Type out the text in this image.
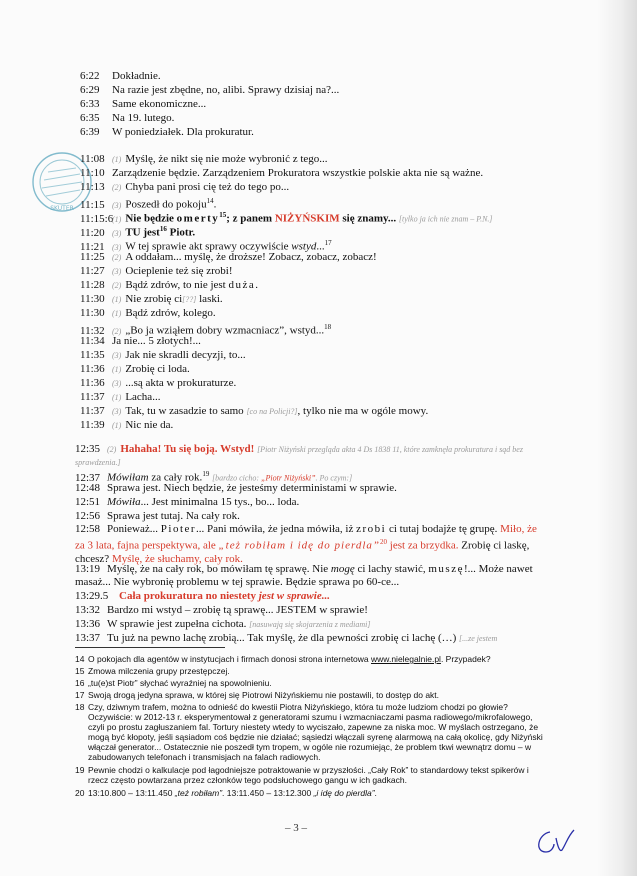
SKUTER
6:22 Dokładnie.
6:29 Na razie jest zbędne, no, alibi. Sprawy dzisiaj na?...
6:33 Same ekonomiczne...
6:35 Na 19. lutego.
6:39 W poniedziałek. Dla prokuratur.
11:08 (1) Myślę, że nikt się nie może wybronić z tego...
11:10 Zarządzenie będzie. Zarządzeniem Prokuratora wszystkie polskie akta nie są ważne.
11:13 (2) Chyba pani prosi cię też do tego po...
11:15 (3) Poszedł do pokoju$^{14}$.
11:15:6(1) Nie będzie omerty$^{15}$; z panem NIŻYŃSKIM się znamy... [tylko ja ich nie znam – P.N.]
11:20 (3) TU jest$^{16}$ Piotr.
11:21 (3) W tej sprawie akt sprawy oczywiście wstyd...$^{17}$
11:25 (2) A oddałam... myślę, że droższe! Zobacz, zobacz, zobacz!
11:27 (3) Ocieplenie też się zrobi!
11:28 (2) Bądź zdrów, to nie jest duża.
11:30 (1) Nie zrobię ci[??] laski.
11:30 (1) Bądź zdrów, kolego.
11:32 (2) „Bo ja wziąłem dobry wzmacniacz”, wstyd...$^{18}$
11:34 Ja nie... 5 złotych!...
11:35 (3) Jak nie skradli decyzji, to...
11:36 (1) Zrobię ci loda.
11:36 (3) ...są akta w prokuraturze.
11:37 (1) Lacha...
11:37 (3) Tak, tu w zasadzie to samo [co na Policji?], tylko nie ma w ogóle mowy.
11:39 (1) Nic nie da.
12:35 (2) Hahaha! Tu się boją. Wstyd! [Piotr Niżyński przegląda akta 4 Ds 1838 11, które zamknęła prokuratura i sąd bez sprawdzenia.]
12:37 Mówiłam za cały rok.$^{19}$ [bardzo cicho: „Piotr Niżyński”. Po czym:]
12:48 Sprawa jest. Niech będzie, że jesteśmy deterministami w sprawie.
12:51 Mówiła... Jest minimalna 15 tys., bo... loda.
12:56 Sprawa jest tutaj. Na cały rok.
12:58 Ponieważ... Pioter... Pani mówiła, że jedna mówiła, iż zrobi ci tutaj bodajże tę grupę. Miło, że za 3 lata, fajna perspektywa, ale „też robiłam i idę do pierdla”$^{20}$ jest za brzydka. Zrobię ci laskę, chcesz? Myślę, że słuchamy, cały rok.
13:19 Myślę, że na cały rok, bo mówiłam tę sprawę. Nie mogę ci lachy stawić, muszę!... Może nawet masaż... Nie wybronię problemu w tej sprawie. Będzie sprawa po 60-ce...
13:29.5 Cała prokuratura no niestety jest w sprawie...
13:32 Bardzo mi wstyd – zrobię tą sprawę... JESTEM w sprawie!
13:36 W sprawie jest zupełna cichota. [nasuwają się skojarzenia z mediami]
13:37 Tu już na pewno lachę zrobią... Tak myślę, że dla pewności zrobię ci lachę (…) [...ze jestem
14 O pokojach dla agentów w instytucjach i firmach donosi strona internetowa www.nielegalnie.pl. Przypadek?
15 Zmowa milczenia grupy przestępczej.
16 „tu(e)st Piotr” słychać wyraźniej na spowolnieniu.
17 Swoją drogą jedyna sprawa, w której się Piotrowi Niżyńskiemu nie postawili, to dostęp do akt.
18 Czy, dziwnym trafem, można to odnieść do kwestii Piotra Niżyńskiego, która tu może ludziom chodzi po głowie? Oczywiście: w 2012-13 r. eksperymentował z generatorami szumu i wzmacniaczami pasma radiowego/mikrofalowego, czyli po prostu zagłuszaniem fal. Tortury niestety wtedy to wyciszało, zapewne za niska moc. W myślach ostrzegano, że mogą być kłopoty, jeśli sąsiadom coś będzie nie działać; sąsiedzi włączali syrenę alarmową na całą okolicę, gdy Niżyński włączał generator... Ostatecznie nie poszedł tym tropem, w ogóle nie rozumiejąc, że problem tkwi wewnątrz domu – w zabudowanych telefonach i transmisjach na falach radiowych.
19 Pewnie chodzi o kalkulacje pod łagodniejsze potraktowanie w przyszłości. „Cały Rok” to standardowy tekst spikerów i rzecz często powtarzana przez członków tego podsłuchowego gangu w ich gadkach.
20 13:10.800 – 13:11.450 „też robiłam”. 13:11.450 – 13:12.300 „i idę do pierdla”.
– 3 –
